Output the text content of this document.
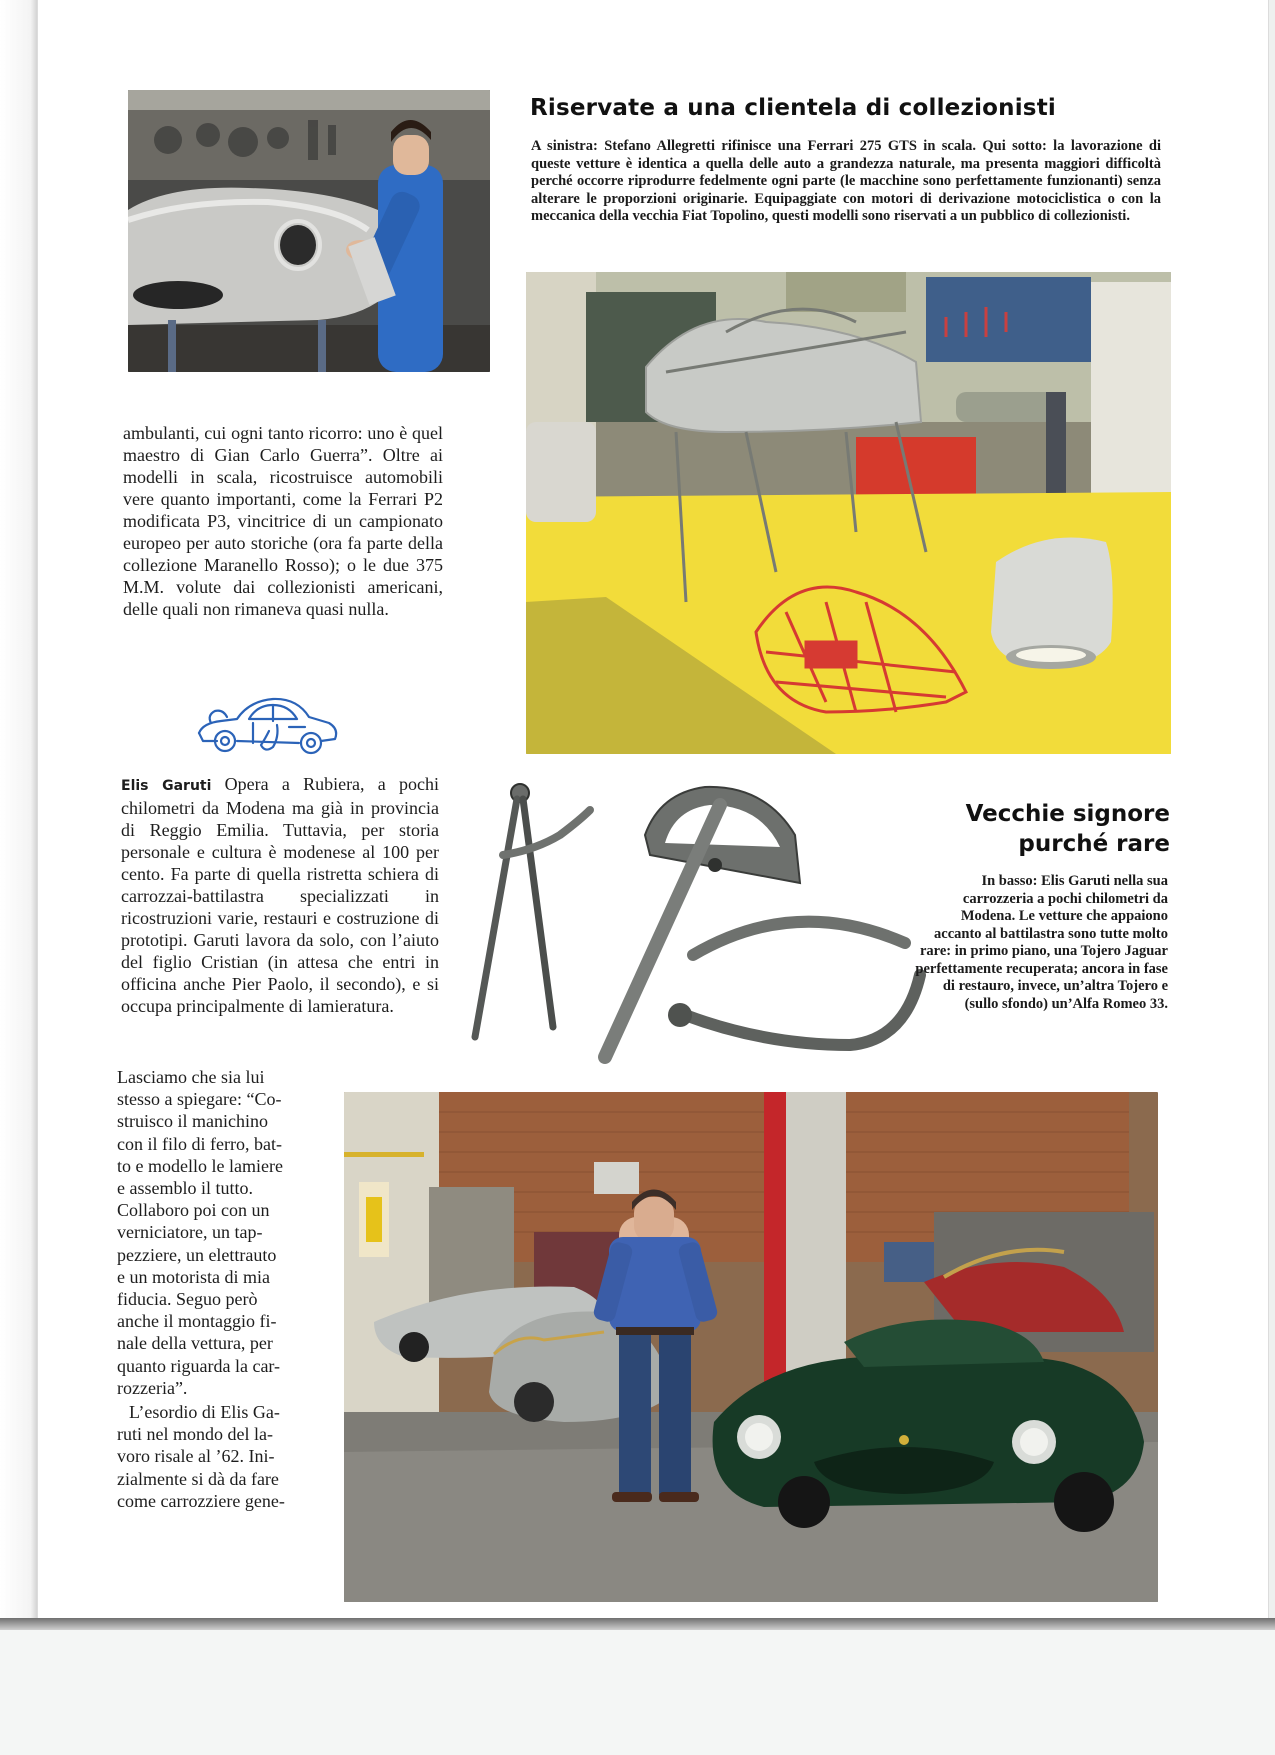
Riservate a una clientela di collezionisti
A sinistra: Stefano Allegretti rifinisce una Ferrari 275 GTS in scala. Qui sotto: la lavorazione di queste vetture è identica a quella delle auto a grandezza naturale, ma presenta maggiori difficoltà perché occorre riprodurre fedelmente ogni parte (le macchine sono perfettamente funzionanti) senza alterare le proporzioni originarie. Equipaggiate con motori di derivazione motociclistica o con la meccanica della vecchia Fiat Topolino, questi modelli sono riservati a un pubblico di collezionisti.

ambulanti, cui ogni tanto ricorro: uno è quel maestro di Gian Carlo Guerra”. Oltre ai modelli in scala, ricostruisce automobili vere quanto importanti, come la Ferrari P2 modificata P3, vincitrice di un campionato europeo per auto storiche (ora fa parte della collezione Maranello Rosso); o le due 375 M.M. volute dai collezionisti americani, delle quali non rimaneva quasi nulla.

Elis Garuti Opera a Rubiera, a pochi chilometri da Modena ma già in provincia di Reggio Emilia. Tuttavia, per storia personale e cultura è modenese al 100 per cento. Fa parte di quella ristretta schiera di carrozzai-battilastra specializzati in ricostruzioni varie, restauri e costruzione di prototipi. Garuti lavora da solo, con l’aiuto del figlio Cristian (in attesa che entri in officina anche Pier Paolo, il secondo), e si occupa principalmente di lamieratura.

Vecchie signore
purché rare
In basso: Elis Garuti nella sua carrozzeria a pochi chilometri da Modena. Le vetture che appaiono accanto al battilastra sono tutte molto rare: in primo piano, una Tojero Jaguar perfettamente recuperata; ancora in fase di restauro, invece, un’altra Tojero e (sullo sfondo) un’Alfa Romeo 33.
Lasciamo che sia lui
stesso a spiegare: “Co-
struisco il manichino
con il filo di ferro, bat-
to e modello le lamiere
e assemblo il tutto.
Collaboro poi con un
verniciatore, un tap-
pezziere, un elettrauto
e un motorista di mia
fiducia. Seguo però
anche il montaggio fi-
nale della vettura, per
quanto riguarda la car-
rozzeria”.
L’esordio di Elis Ga-
ruti nel mondo del la-
voro risale al ’62. Ini-
zialmente si dà da fare
come carrozziere gene-
